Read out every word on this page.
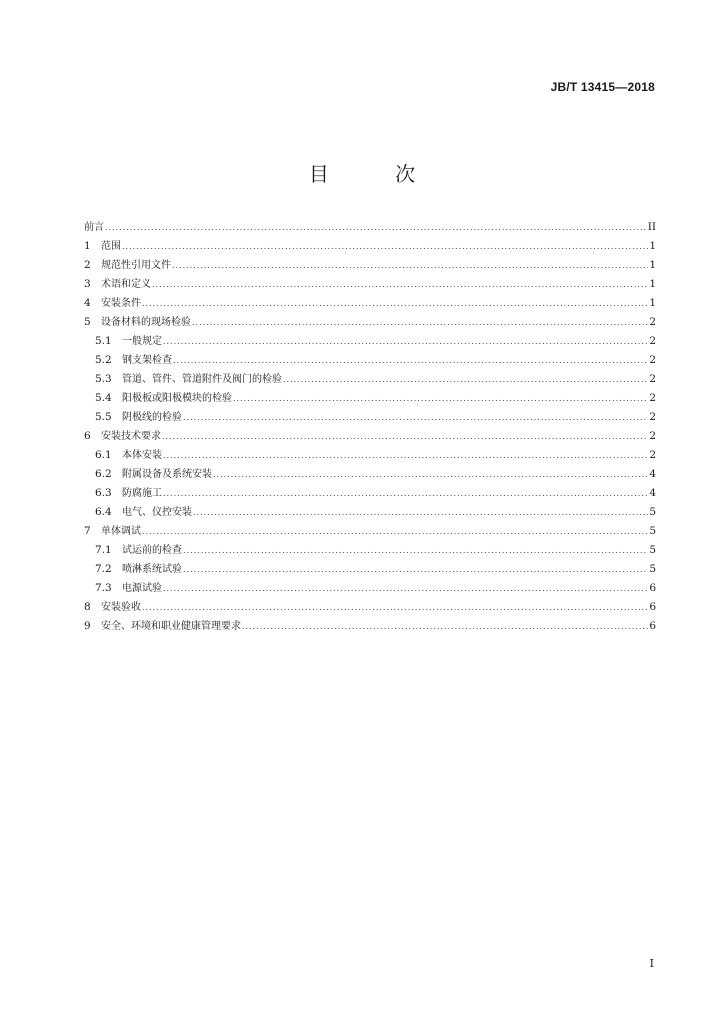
JB/T 13415—2018
目 次
前言 .....	II
1	范围 .....	1
2	规范性引用文件 .....	1
3	术语和定义 .....	1
4	安装条件 .....	1
5	设备材料的现场检验 .....	2
5.1	一般规定 .....	2
5.2	钢支架检查 .....	2
5.3	管道、管件、管道附件及阀门的检验 .....	2
5.4	阳极板或阳极模块的检验 .....	2
5.5	阴极线的检验 .....	2
6	安装技术要求 .....	2
6.1	本体安装 .....	2
6.2	附属设备及系统安装 .....	4
6.3	防腐施工 .....	4
6.4	电气、仪控安装 .....	5
7	单体调试 .....	5
7.1	试运前的检查 .....	5
7.2	喷淋系统试验 .....	5
7.3	电源试验 .....	6
8	安装验收 .....	6
9	安全、环境和职业健康管理要求 .....	6
I
